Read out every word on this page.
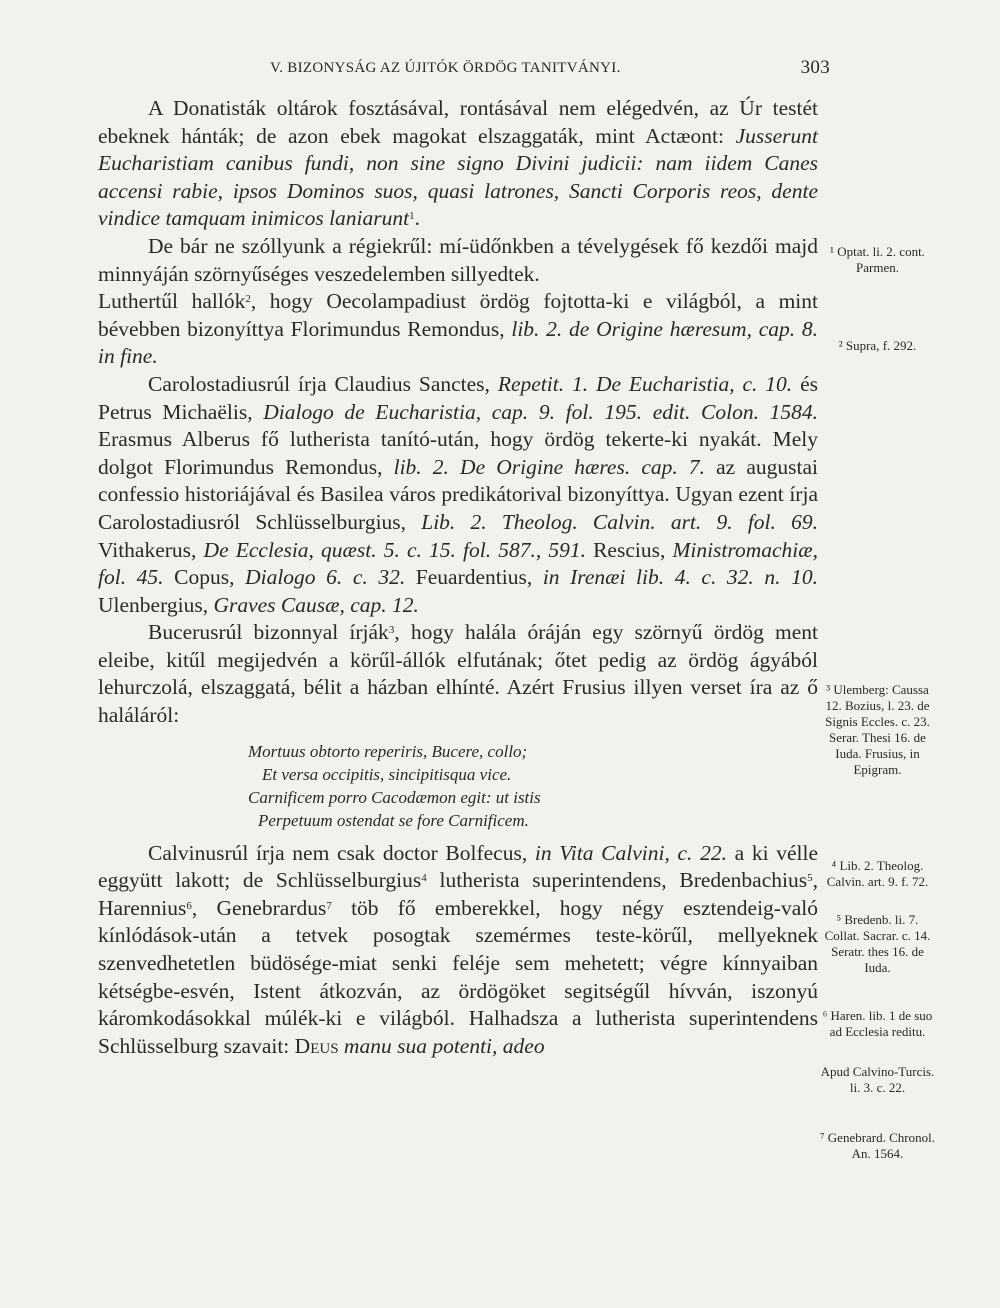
V. BIZONYSÁG AZ ÚJITÓK ÖRDÖG TANITVÁNYI.	303

A Donatisták oltárok fosztásával, rontásával nem elégedvén, az Úr testét ebeknek hánták; de azon ebek magokat elszaggaták, mint Actæont: Jusserunt Eucharistiam canibus fundi, non sine signo Divini judicii: nam iidem Canes accensi rabie, ipsos Dominos suos, quasi latrones, Sancti Corporis reos, dente vindice tamquam inimicos laniarunt$^1$.

De bár ne szóllyunk a régiekrűl: mí-üdőnkben a tévelygések fő kezdői majd minnyáján szörnyűséges veszedelemben sillyedtek.

Luthertűl hallók$^2$, hogy Oecolampadiust ördög fojtotta-ki e világból, a mint bévebben bizonyíttya Florimundus Remondus, lib. 2. de Origine hæresum, cap. 8. in fine.

Carolostadiusrúl írja Claudius Sanctes, Repetit. 1. De Eucharistia, c. 10. és Petrus Michaëlis, Dialogo de Eucharistia, cap. 9. fol. 195. edit. Colon. 1584. Erasmus Alberus fő lutherista tanító-után, hogy ördög tekerte-ki nyakát. Mely dolgot Florimundus Remondus, lib. 2. De Origine hæres. cap. 7. az augustai confessio historiájával és Basilea város predikátorival bizonyíttya. Ugyan ezent írja Carolostadiusról Schlüsselburgius, Lib. 2. Theolog. Calvin. art. 9. fol. 69. Vithakerus, De Ecclesia, quæst. 5. c. 15. fol. 587., 591. Rescius, Ministromachiæ, fol. 45. Copus, Dialogo 6. c. 32. Feuardentius, in Irenæi lib. 4. c. 32. n. 10. Ulenbergius, Graves Causæ, cap. 12.

Bucerusrúl bizonnyal írják$^3$, hogy halála óráján egy szörnyű ördög ment eleibe, kitűl megijedvén a körűl-állók elfutának; őtet pedig az ördög ágyából lehurczolá, elszaggatá, bélit a házban elhínté. Azért Frusius illyen verset íra az ő haláláról:

Mortuus obtorto reperiris, Bucere, collo;
Et versa occipitis, sincipitisqua vice.
Carnificem porro Cacodæmon egit: ut istis
Perpetuum ostendat se fore Carnificem.

Calvinusrúl írja nem csak doctor Bolfecus, in Vita Calvini, c. 22. a ki vélle eggyütt lakott; de Schlüsselburgius$^4$ lutherista superintendens, Bredenbachius$^5$, Harennius$^6$, Genebrardus$^7$ töb fő emberekkel, hogy négy esztendeig-való kínlódások-után a tetvek posogtak szemérmes teste-körűl, mellyeknek szenvedhetetlen büdösége-miat senki feléje sem mehetett; végre kínnyaiban kétségbe-esvén, Istent átkozván, az ördögöket segitségűl hívván, iszonyú káromkodásokkal múlék-ki e világból. Halhadsza a lutherista superintendens Schlüsselburg szavait: Deus manu sua potenti, adeo

¹ Optat. li. 2. cont. Parmen.
² Supra, f. 292.
³ Ulemberg: Caussa 12. Bozius, l. 23. de Signis Eccles. c. 23. Serar. Thesi 16. de Iuda. Frusius, in Epigram.
⁴ Lib. 2. Theolog. Calvin. art. 9. f. 72.
⁵ Bredenb. li. 7. Collat. Sacrar. c. 14. Seratr. thes 16. de Iuda.
⁶ Haren. lib. 1 de suo ad Ecclesia reditu.
Apud Calvino-Turcis. li. 3. c. 22.
⁷ Genebrard. Chronol. An. 1564.
